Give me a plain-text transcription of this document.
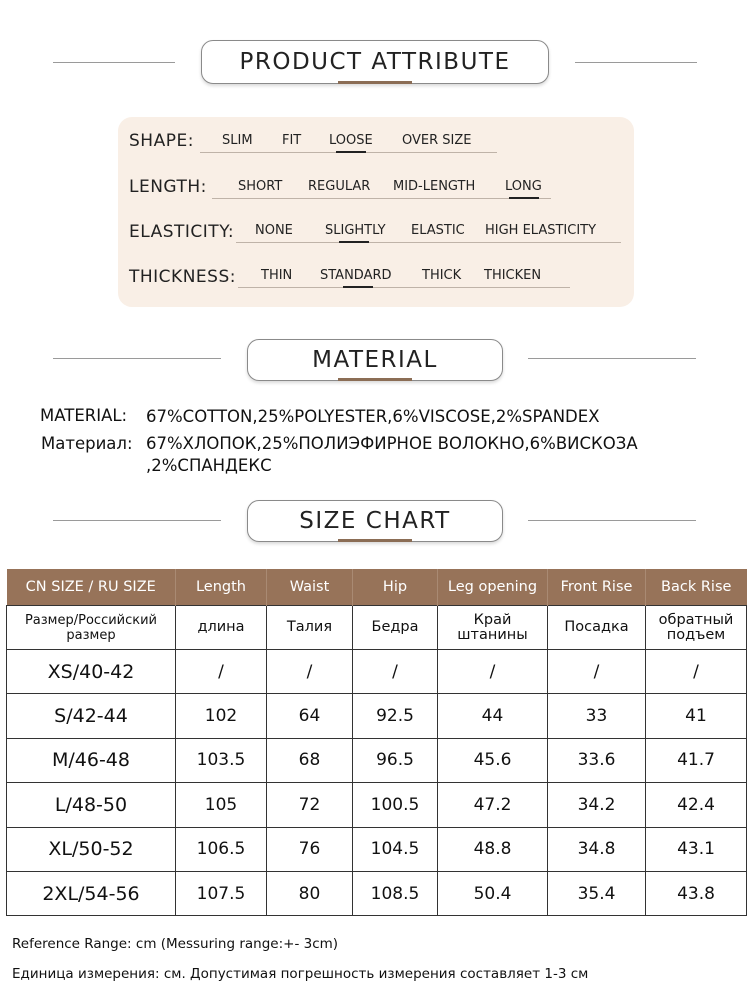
PRODUCT ATTRIBUTE
SHAPE: SLIM FIT LOOSE OVER SIZE
LENGTH: SHORT REGULAR MID-LENGTH LONG
ELASTICITY: NONE SLIGHTLY ELASTIC HIGH ELASTICITY
THICKNESS: THIN STANDARD THICK THICKEN
MATERIAL
MATERIAL: 67%COTTON,25%POLYESTER,6%VISCOSE,2%SPANDEX
Материал: 67%ХЛОПОК,25%ПОЛИЭФИРНОЕ ВОЛОКНО,6%ВИСКОЗА
,2%СПАНДЕКС
SIZE CHART
CN SIZE / RU SIZE	Length	Waist	Hip	Leg opening	Front Rise	Back Rise
Размер/Российский размер	длина	Талия	Бедра	Край штанины	Посадка	обратный подъем
XS/40-42	/	/	/	/	/	/
S/42-44	102	64	92.5	44	33	41
M/46-48	103.5	68	96.5	45.6	33.6	41.7
L/48-50	105	72	100.5	47.2	34.2	42.4
XL/50-52	106.5	76	104.5	48.8	34.8	43.1
2XL/54-56	107.5	80	108.5	50.4	35.4	43.8
Reference Range: cm (Messuring range:+- 3cm)
Единица измерения: см. Допустимая погрешность измерения составляет 1-3 см
